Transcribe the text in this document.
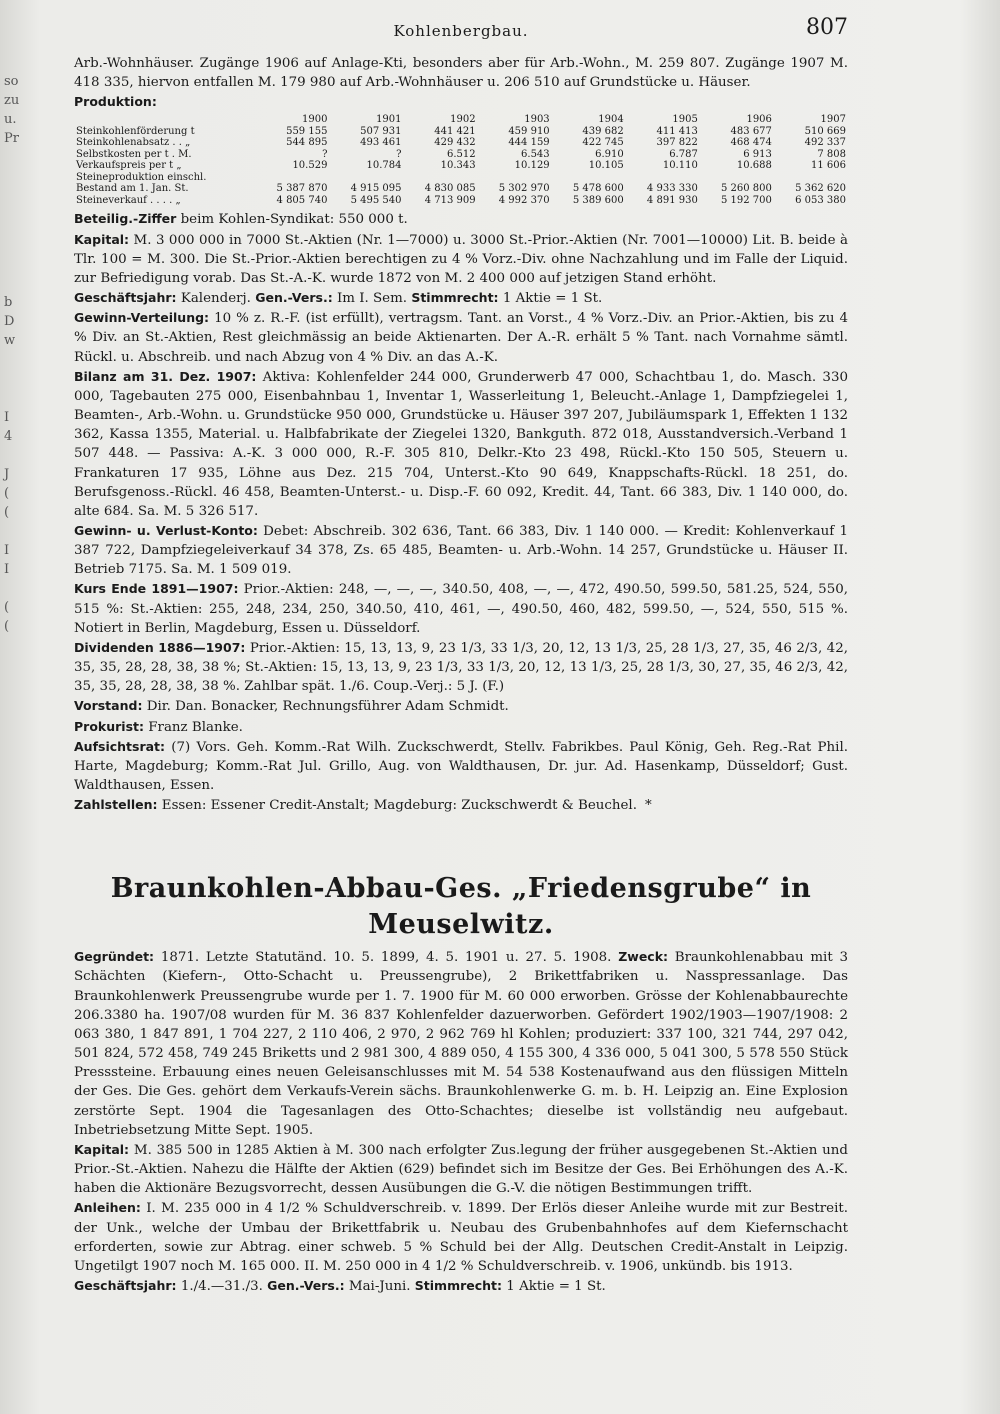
so
zu
u.
Pr
b
D
w
I
4
J
(
(
I
I
(
(
Kohlenbergbau.	807

Arb.-Wohnhäuser. Zugänge 1906 auf Anlage-Kti, besonders aber für Arb.-Wohn., M. 259 807. Zugänge 1907 M. 418 335, hiervon entfallen M. 179 980 auf Arb.-Wohnhäuser u. 206 510 auf Grundstücke u. Häuser.

Produktion:

	1900	1901	1902	1903	1904	1905	1906	1907
Steinkohlenförderung t	559 155	507 931	441 421	459 910	439 682	411 413	483 677	510 669
Steinkohlenabsatz . . „	544 895	493 461	429 432	444 159	422 745	397 822	468 474	492 337
Selbstkosten per t . M.	?	?	6.512	6.543	6.910	6.787	6 913	7 808
Verkaufspreis per t „	10.529	10.784	10.343	10.129	10.105	10.110	10.688	11 606
Steineproduktion einschl.								
Bestand am 1. Jan. St.	5 387 870	4 915 095	4 830 085	5 302 970	5 478 600	4 933 330	5 260 800	5 362 620
Steineverkauf . . . . „	4 805 740	5 495 540	4 713 909	4 992 370	5 389 600	4 891 930	5 192 700	6 053 380

Beteilig.-Ziffer beim Kohlen-Syndikat: 550 000 t.

Kapital: M. 3 000 000 in 7000 St.-Aktien (Nr. 1—7000) u. 3000 St.-Prior.-Aktien (Nr. 7001—10000) Lit. B. beide à Tlr. 100 = M. 300. Die St.-Prior.-Aktien berechtigen zu 4 % Vorz.-Div. ohne Nachzahlung und im Falle der Liquid. zur Befriedigung vorab. Das St.-A.-K. wurde 1872 von M. 2 400 000 auf jetzigen Stand erhöht.

Geschäftsjahr: Kalenderj. Gen.-Vers.: Im I. Sem. Stimmrecht: 1 Aktie = 1 St.

Gewinn-Verteilung: 10 % z. R.-F. (ist erfüllt), vertragsm. Tant. an Vorst., 4 % Vorz.-Div. an Prior.-Aktien, bis zu 4 % Div. an St.-Aktien, Rest gleichmässig an beide Aktienarten. Der A.-R. erhält 5 % Tant. nach Vornahme sämtl. Rückl. u. Abschreib. und nach Abzug von 4 % Div. an das A.-K.

Bilanz am 31. Dez. 1907: Aktiva: Kohlenfelder 244 000, Grunderwerb 47 000, Schachtbau 1, do. Masch. 330 000, Tagebauten 275 000, Eisenbahnbau 1, Inventar 1, Wasserleitung 1, Beleucht.-Anlage 1, Dampfziegelei 1, Beamten-, Arb.-Wohn. u. Grundstücke 950 000, Grundstücke u. Häuser 397 207, Jubiläumspark 1, Effekten 1 132 362, Kassa 1355, Material. u. Halbfabrikate der Ziegelei 1320, Bankguth. 872 018, Ausstandversich.-Verband 1 507 448. — Passiva: A.-K. 3 000 000, R.-F. 305 810, Delkr.-Kto 23 498, Rückl.-Kto 150 505, Steuern u. Frankaturen 17 935, Löhne aus Dez. 215 704, Unterst.-Kto 90 649, Knappschafts-Rückl. 18 251, do. Berufsgenoss.-Rückl. 46 458, Beamten-Unterst.- u. Disp.-F. 60 092, Kredit. 44, Tant. 66 383, Div. 1 140 000, do. alte 684. Sa. M. 5 326 517.

Gewinn- u. Verlust-Konto: Debet: Abschreib. 302 636, Tant. 66 383, Div. 1 140 000. — Kredit: Kohlenverkauf 1 387 722, Dampfziegeleiverkauf 34 378, Zs. 65 485, Beamten- u. Arb.-Wohn. 14 257, Grundstücke u. Häuser II. Betrieb 7175. Sa. M. 1 509 019.

Kurs Ende 1891—1907: Prior.-Aktien: 248, —, —, —, 340.50, 408, —, —, 472, 490.50, 599.50, 581.25, 524, 550, 515 %: St.-Aktien: 255, 248, 234, 250, 340.50, 410, 461, —, 490.50, 460, 482, 599.50, —, 524, 550, 515 %. Notiert in Berlin, Magdeburg, Essen u. Düsseldorf.

Dividenden 1886—1907: Prior.-Aktien: 15, 13, 13, 9, 23 1/3, 33 1/3, 20, 12, 13 1/3, 25, 28 1/3, 27, 35, 46 2/3, 42, 35, 35, 28, 28, 38, 38 %; St.-Aktien: 15, 13, 13, 9, 23 1/3, 33 1/3, 20, 12, 13 1/3, 25, 28 1/3, 30, 27, 35, 46 2/3, 42, 35, 35, 28, 28, 38, 38 %. Zahlbar spät. 1./6. Coup.-Verj.: 5 J. (F.)

Vorstand: Dir. Dan. Bonacker, Rechnungsführer Adam Schmidt.

Prokurist: Franz Blanke.

Aufsichtsrat: (7) Vors. Geh. Komm.-Rat Wilh. Zuckschwerdt, Stellv. Fabrikbes. Paul König, Geh. Reg.-Rat Phil. Harte, Magdeburg; Komm.-Rat Jul. Grillo, Aug. von Waldthausen, Dr. jur. Ad. Hasenkamp, Düsseldorf; Gust. Waldthausen, Essen.

Zahlstellen: Essen: Essener Credit-Anstalt; Magdeburg: Zuckschwerdt & Beuchel. *

Braunkohlen-Abbau-Ges. „Friedensgrube“ in Meuselwitz.

Gegründet: 1871. Letzte Statutänd. 10. 5. 1899, 4. 5. 1901 u. 27. 5. 1908. Zweck: Braunkohlenabbau mit 3 Schächten (Kiefern-, Otto-Schacht u. Preussengrube), 2 Brikettfabriken u. Nasspressanlage. Das Braunkohlenwerk Preussengrube wurde per 1. 7. 1900 für M. 60 000 erworben. Grösse der Kohlenabbaurechte 206.3380 ha. 1907/08 wurden für M. 36 837 Kohlenfelder dazuerworben. Gefördert 1902/1903—1907/1908: 2 063 380, 1 847 891, 1 704 227, 2 110 406, 2 970, 2 962 769 hl Kohlen; produziert: 337 100, 321 744, 297 042, 501 824, 572 458, 749 245 Briketts und 2 981 300, 4 889 050, 4 155 300, 4 336 000, 5 041 300, 5 578 550 Stück Presssteine. Erbauung eines neuen Geleisanschlusses mit M. 54 538 Kostenaufwand aus den flüssigen Mitteln der Ges. Die Ges. gehört dem Verkaufs-Verein sächs. Braunkohlenwerke G. m. b. H. Leipzig an. Eine Explosion zerstörte Sept. 1904 die Tagesanlagen des Otto-Schachtes; dieselbe ist vollständig neu aufgebaut. Inbetriebsetzung Mitte Sept. 1905.

Kapital: M. 385 500 in 1285 Aktien à M. 300 nach erfolgter Zus.legung der früher ausgegebenen St.-Aktien und Prior.-St.-Aktien. Nahezu die Hälfte der Aktien (629) befindet sich im Besitze der Ges. Bei Erhöhungen des A.-K. haben die Aktionäre Bezugsvorrecht, dessen Ausübungen die G.-V. die nötigen Bestimmungen trifft.

Anleihen: I. M. 235 000 in 4 1/2 % Schuldverschreib. v. 1899. Der Erlös dieser Anleihe wurde mit zur Bestreit. der Unk., welche der Umbau der Brikettfabrik u. Neubau des Grubenbahnhofes auf dem Kiefernschacht erforderten, sowie zur Abtrag. einer schweb. 5 % Schuld bei der Allg. Deutschen Credit-Anstalt in Leipzig. Ungetilgt 1907 noch M. 165 000. II. M. 250 000 in 4 1/2 % Schuldverschreib. v. 1906, unkündb. bis 1913.

Geschäftsjahr: 1./4.—31./3. Gen.-Vers.: Mai-Juni. Stimmrecht: 1 Aktie = 1 St.
